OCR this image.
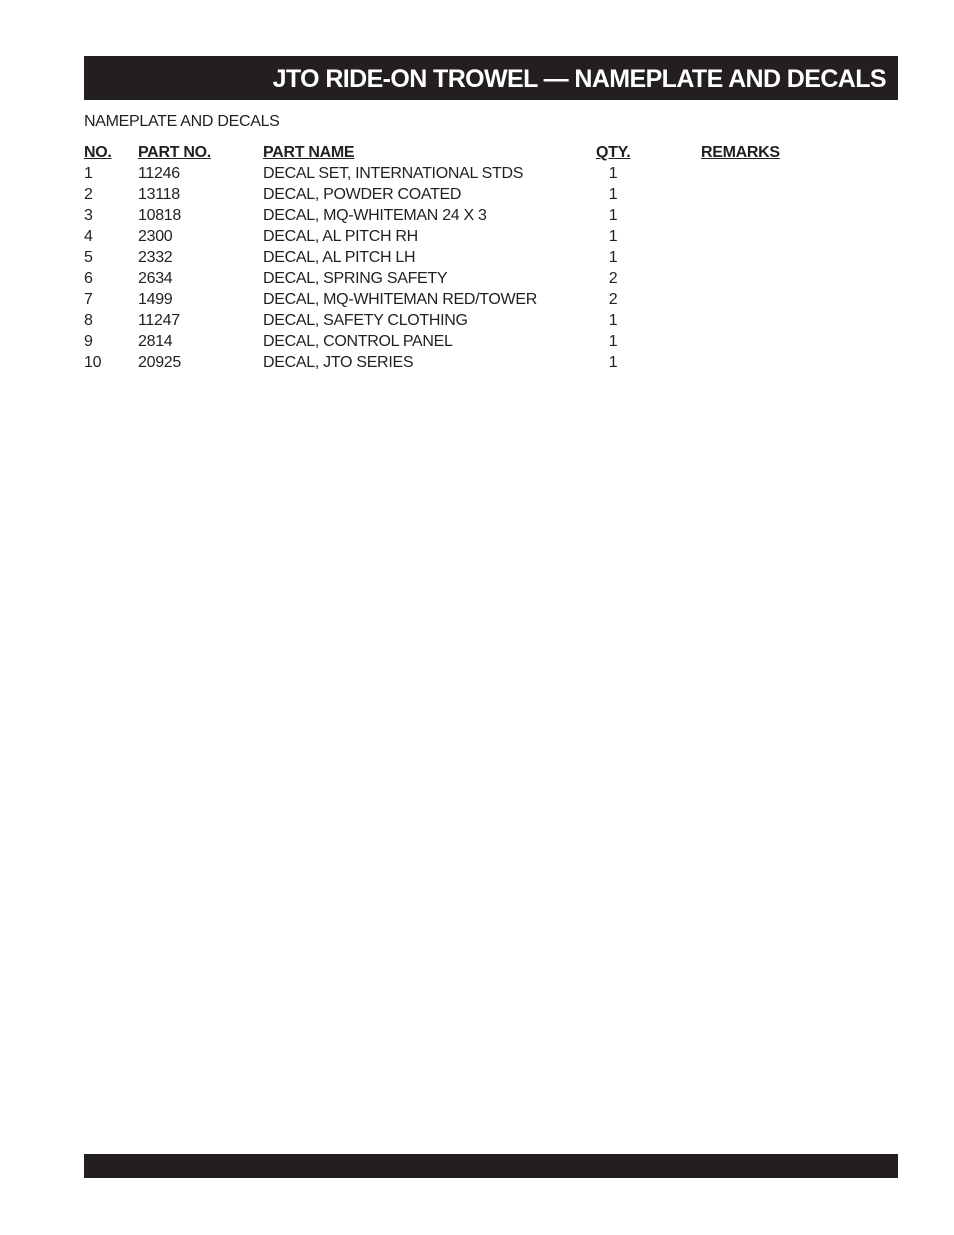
JTO RIDE-ON TROWEL — NAMEPLATE AND DECALS
NAMEPLATE AND DECALS
NO. PART NO.	PART NAME	QTY.	REMARKS
1	11246	DECAL SET, INTERNATIONAL STDS	1
2	13118	DECAL, POWDER COATED	1
3	10818	DECAL, MQ-WHITEMAN 24 X 3	1
4	2300	DECAL, AL PITCH RH	1
5	2332	DECAL, AL PITCH LH	1
6	2634	DECAL, SPRING SAFETY	2
7	1499	DECAL, MQ-WHITEMAN RED/TOWER	2
8	11247	DECAL, SAFETY CLOTHING	1
9	2814	DECAL, CONTROL PANEL	1
10 20925	DECAL, JTO SERIES	1

JTO RIDE-ON POWER TROWEL —   OPERATION & PARTS  MANUAL — REV. #5 (11/08/07) — PAGE 41
